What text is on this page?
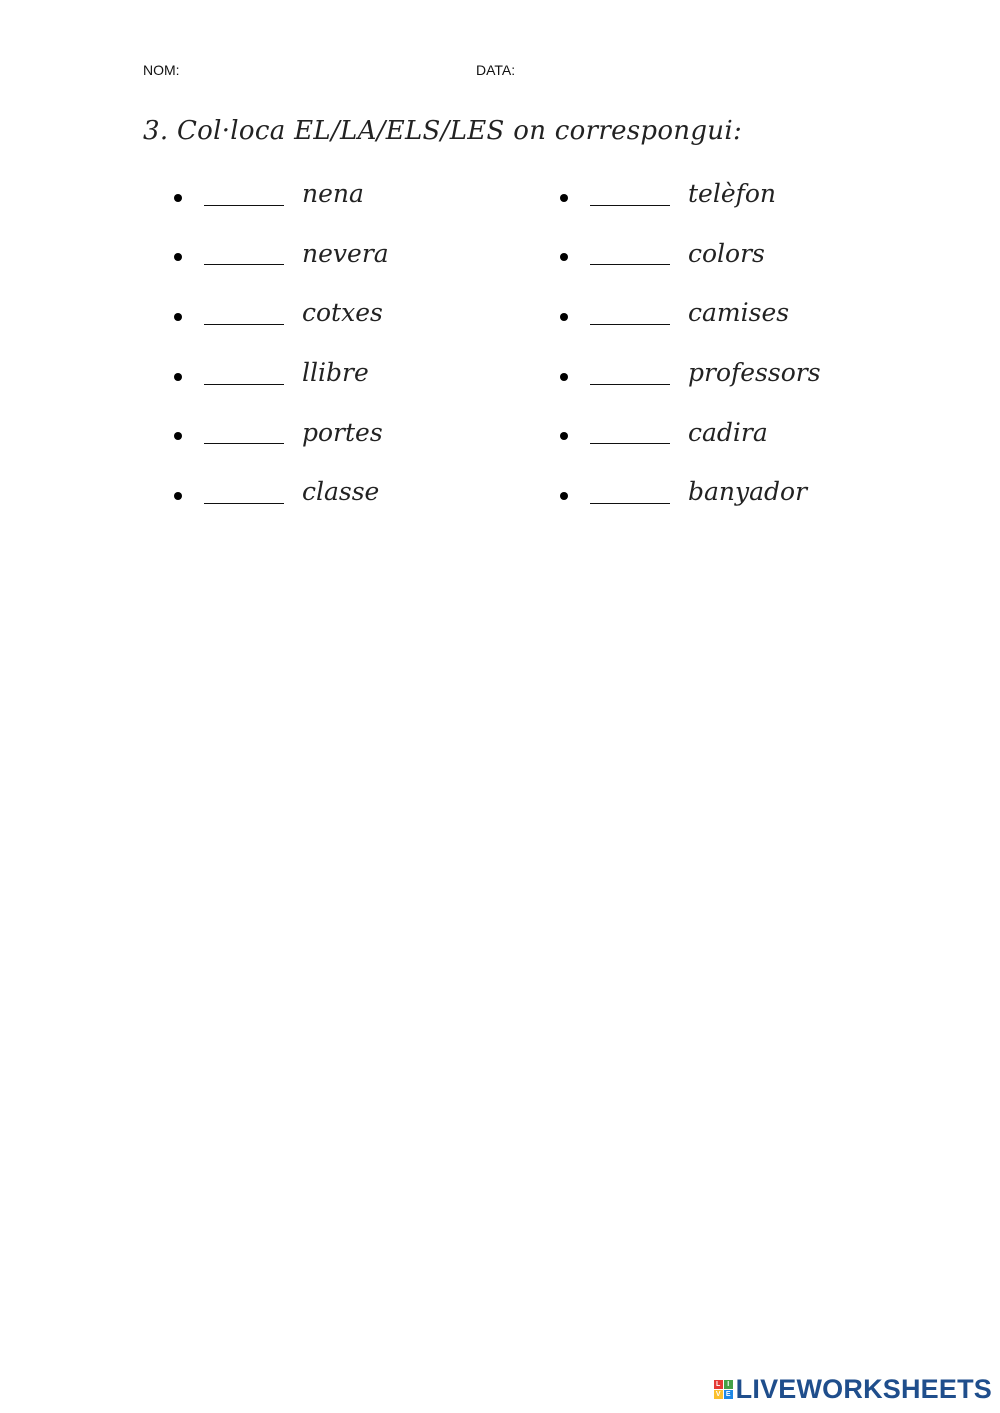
NOM:	DATA:
3. Col·loca EL/LA/ELS/LES on correspongui:
nena
nevera
cotxes
llibre
portes
classe
telèfon
colors
camises
professors
cadira
banyador
L I
V E LIVEWORKSHEETS
